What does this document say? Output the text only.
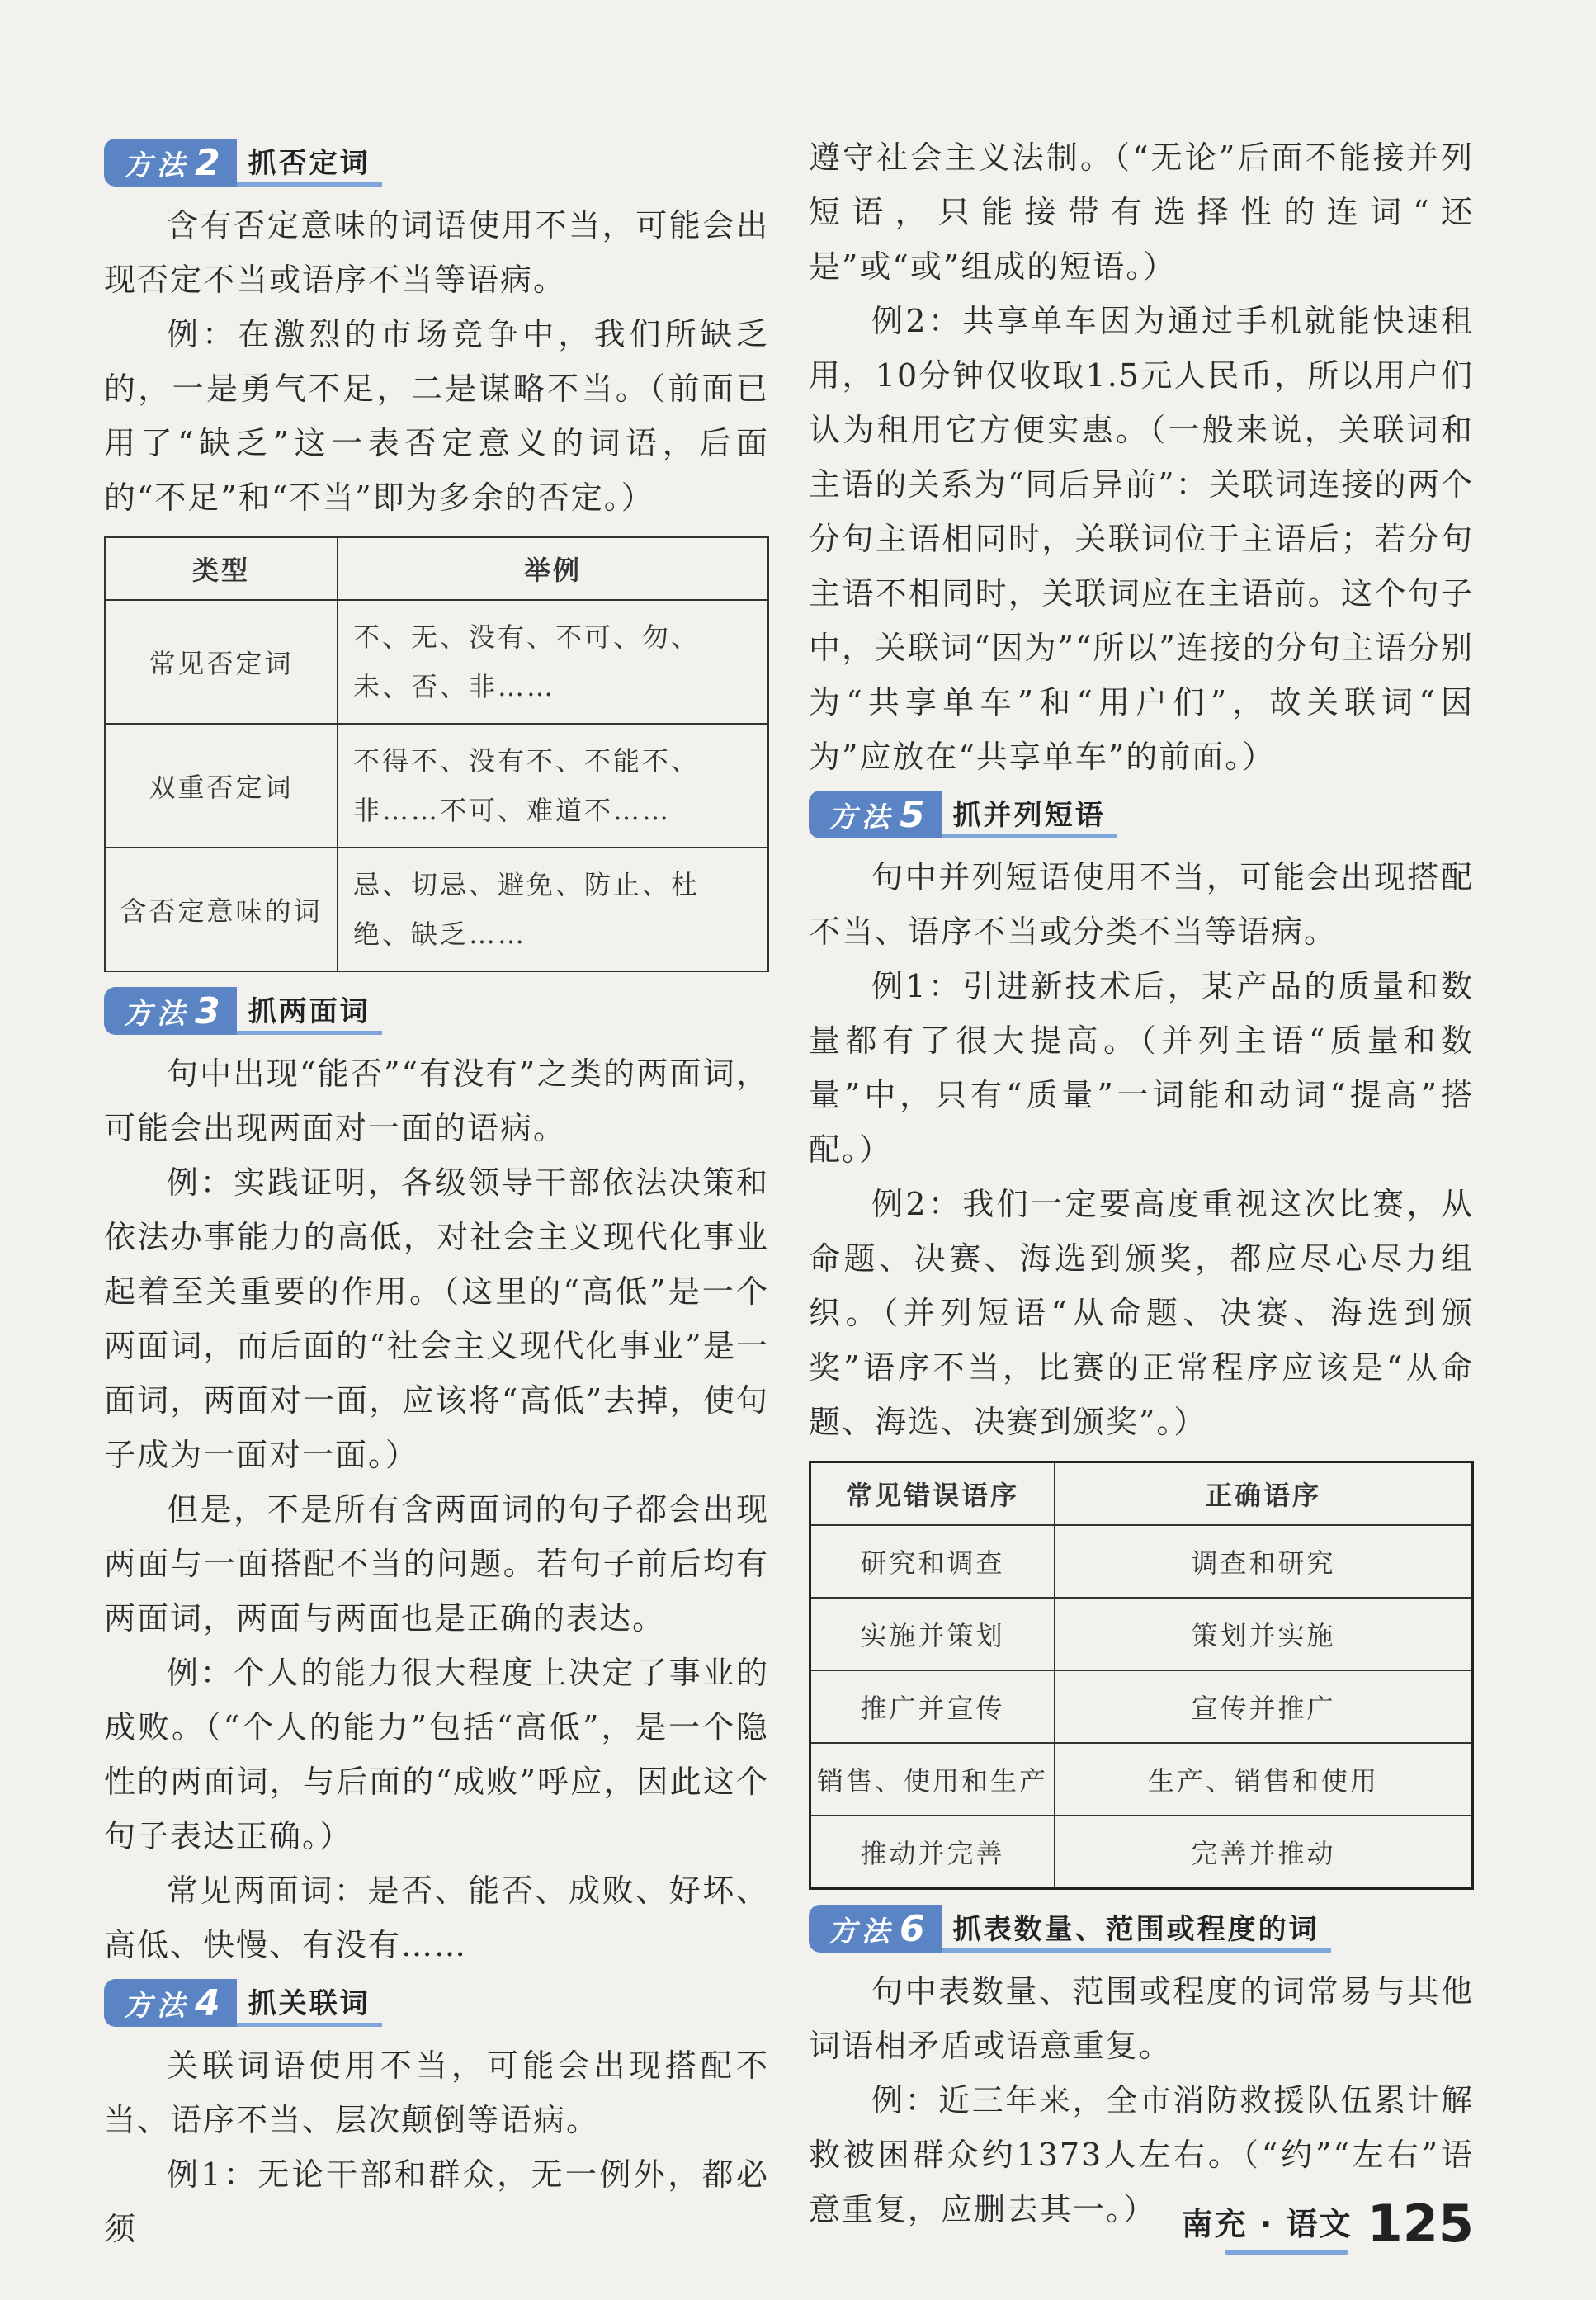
方法 2	抓否定词

含有否定意味的词语使用不当，可能会出现否定不当或语序不当等语病。

例：在激烈的市场竞争中，我们所缺乏的，一是勇气不足，二是谋略不当。（前面已用了“缺乏”这一表否定意义的词语，后面的“不足”和“不当”即为多余的否定。）

类型	举例
常见否定词	不、无、没有、不可、勿、未、否、非……
双重否定词	不得不、没有不、不能不、非……不可、难道不……
含否定意味的词	忌、切忌、避免、防止、杜绝、缺乏……
方法 3	抓两面词

句中出现“能否”“有没有”之类的两面词，可能会出现两面对一面的语病。

例：实践证明，各级领导干部依法决策和依法办事能力的高低，对社会主义现代化事业起着至关重要的作用。（这里的“高低”是一个两面词，而后面的“社会主义现代化事业”是一面词，两面对一面，应该将“高低”去掉，使句子成为一面对一面。）

但是，不是所有含两面词的句子都会出现两面与一面搭配不当的问题。若句子前后均有两面词，两面与两面也是正确的表达。

例：个人的能力很大程度上决定了事业的成败。（“个人的能力”包括“高低”，是一个隐性的两面词，与后面的“成败”呼应，因此这个句子表达正确。）

常见两面词：是否、能否、成败、好坏、高低、快慢、有没有……

方法 4	抓关联词

关联词语使用不当，可能会出现搭配不当、语序不当、层次颠倒等语病。

例1：无论干部和群众，无一例外，都必须

遵守社会主义法制。（“无论”后面不能接并列短语，只能接带有选择性的连词“还是”或“或”组成的短语。）

例2：共享单车因为通过手机就能快速租用，10分钟仅收取1.5元人民币，所以用户们认为租用它方便实惠。（一般来说，关联词和主语的关系为“同后异前”：关联词连接的两个分句主语相同时，关联词位于主语后；若分句主语不相同时，关联词应在主语前。这个句子中，关联词“因为”“所以”连接的分句主语分别为“共享单车”和“用户们”，故关联词“因为”应放在“共享单车”的前面。）

方法 5	抓并列短语

句中并列短语使用不当，可能会出现搭配不当、语序不当或分类不当等语病。

例1：引进新技术后，某产品的质量和数量都有了很大提高。（并列主语“质量和数量”中，只有“质量”一词能和动词“提高”搭配。）

例2：我们一定要高度重视这次比赛，从命题、决赛、海选到颁奖，都应尽心尽力组织。（并列短语“从命题、决赛、海选到颁奖”语序不当，比赛的正常程序应该是“从命题、海选、决赛到颁奖”。）

常见错误语序	正确语序
研究和调查	调查和研究
实施并策划	策划并实施
推广并宣传	宣传并推广
销售、使用和生产	生产、销售和使用
推动并完善	完善并推动
方法 6	抓表数量、范围或程度的词

句中表数量、范围或程度的词常易与其他词语相矛盾或语意重复。

例：近三年来，全市消防救援队伍累计解救被困群众约1373人左右。（“约”“左右”语意重复，应删去其一。） 南充 · 语文 125
